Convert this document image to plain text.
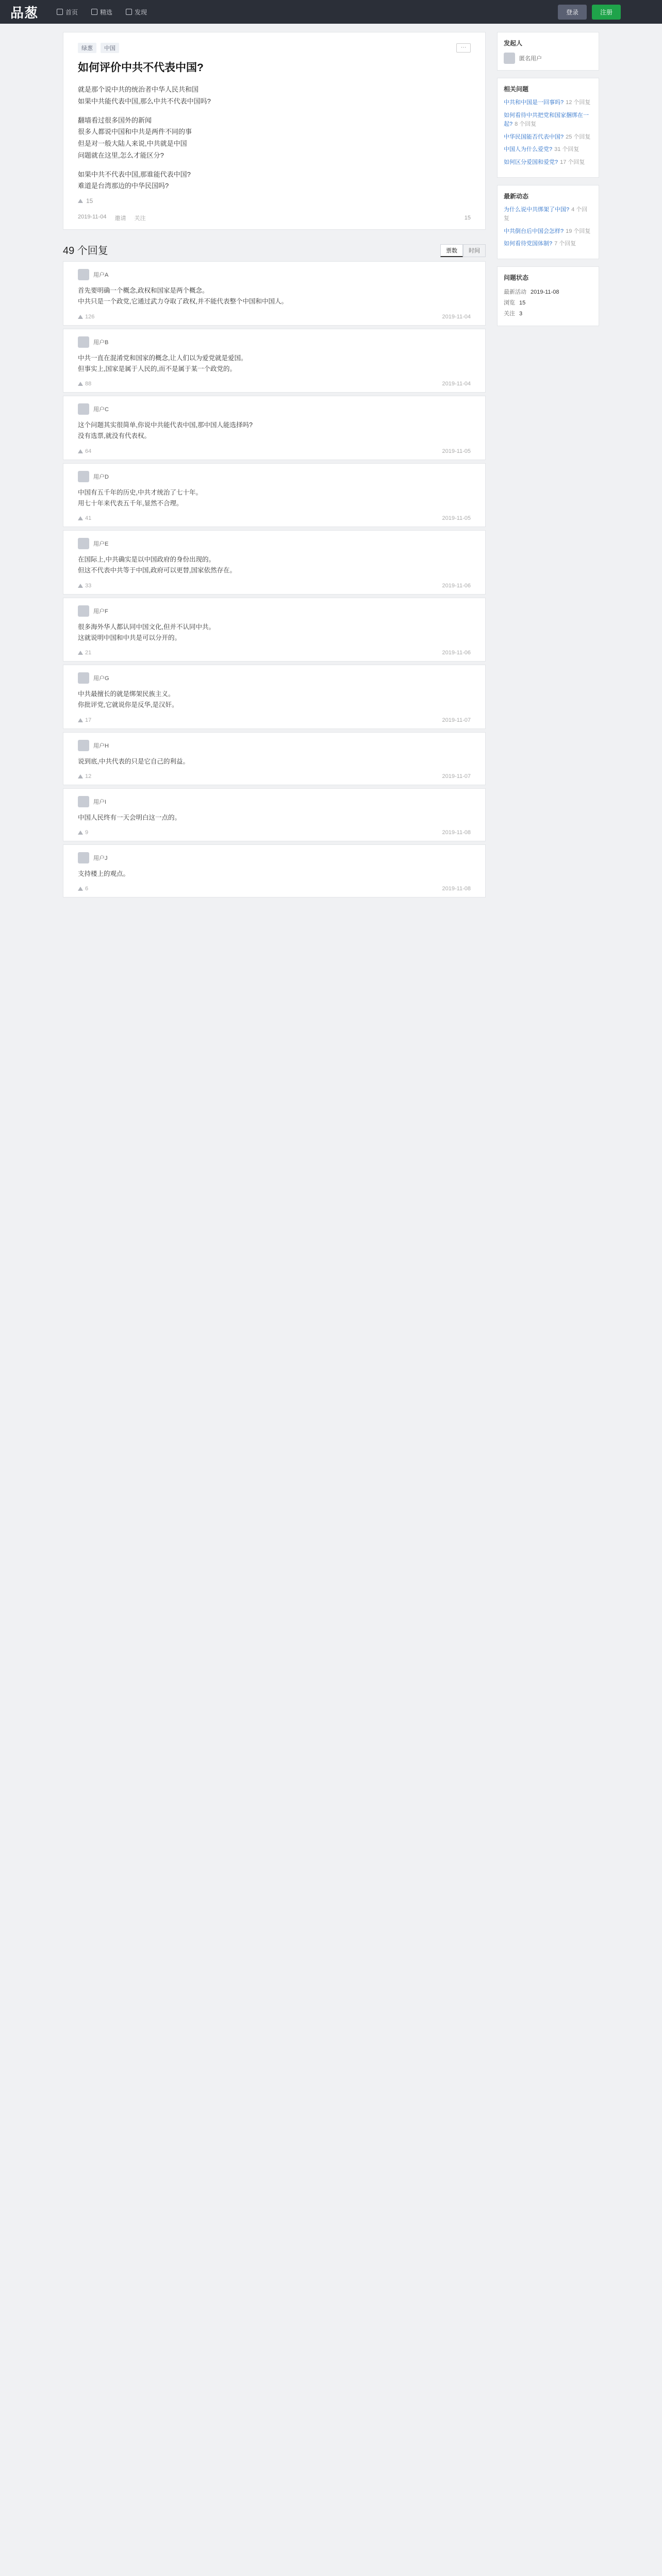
品葱	首页	精选	发现	登录	注册
绿葱	中国	···
如何评价中共不代表中国?

就是那个说中共的统治者中华人民共和国

如果中共能代表中国,那么中共不代表中国吗?

翻墙看过很多国外的新闻

很多人都说中国和中共是两件不同的事

但是对一般大陆人来说,中共就是中国

问题就在这里,怎么才能区分?

如果中共不代表中国,那谁能代表中国?

难道是台湾那边的中华民国吗?

15
2019-11-04 邀请 关注	15
49 个回复	票数	时间
用户A

首先要明确一个概念,政权和国家是两个概念。

中共只是一个政党,它通过武力夺取了政权,并不能代表整个中国和中国人。

126	2019-11-04
用户B

中共一直在混淆党和国家的概念,让人们以为爱党就是爱国。

但事实上,国家是属于人民的,而不是属于某一个政党的。

88	2019-11-04
用户C

这个问题其实很简单,你说中共能代表中国,那中国人能选择吗?

没有选票,就没有代表权。

64	2019-11-05
用户D

中国有五千年的历史,中共才统治了七十年。

用七十年来代表五千年,显然不合理。

41	2019-11-05
用户E

在国际上,中共确实是以中国政府的身份出现的。

但这不代表中共等于中国,政府可以更替,国家依然存在。

33	2019-11-06
用户F

很多海外华人都认同中国文化,但并不认同中共。

这就说明中国和中共是可以分开的。

21	2019-11-06
用户G

中共最擅长的就是绑架民族主义。

你批评党,它就说你是反华,是汉奸。

17	2019-11-07
用户H

说到底,中共代表的只是它自己的利益。

12	2019-11-07
用户I

中国人民终有一天会明白这一点的。

9	2019-11-08
用户J

支持楼上的观点。

6	2019-11-08
发起人
匿名用户
相关问题
中共和中国是一回事吗? 12 个回复
如何看待中共把党和国家捆绑在一起? 8 个回复
中华民国能否代表中国? 25 个回复
中国人为什么爱党? 31 个回复
如何区分爱国和爱党? 17 个回复
最新动态
为什么说中共绑架了中国? 4 个回复
中共倒台后中国会怎样? 19 个回复
如何看待党国体制? 7 个回复
问题状态
最新活动 2019-11-08
浏览 15
关注 3
